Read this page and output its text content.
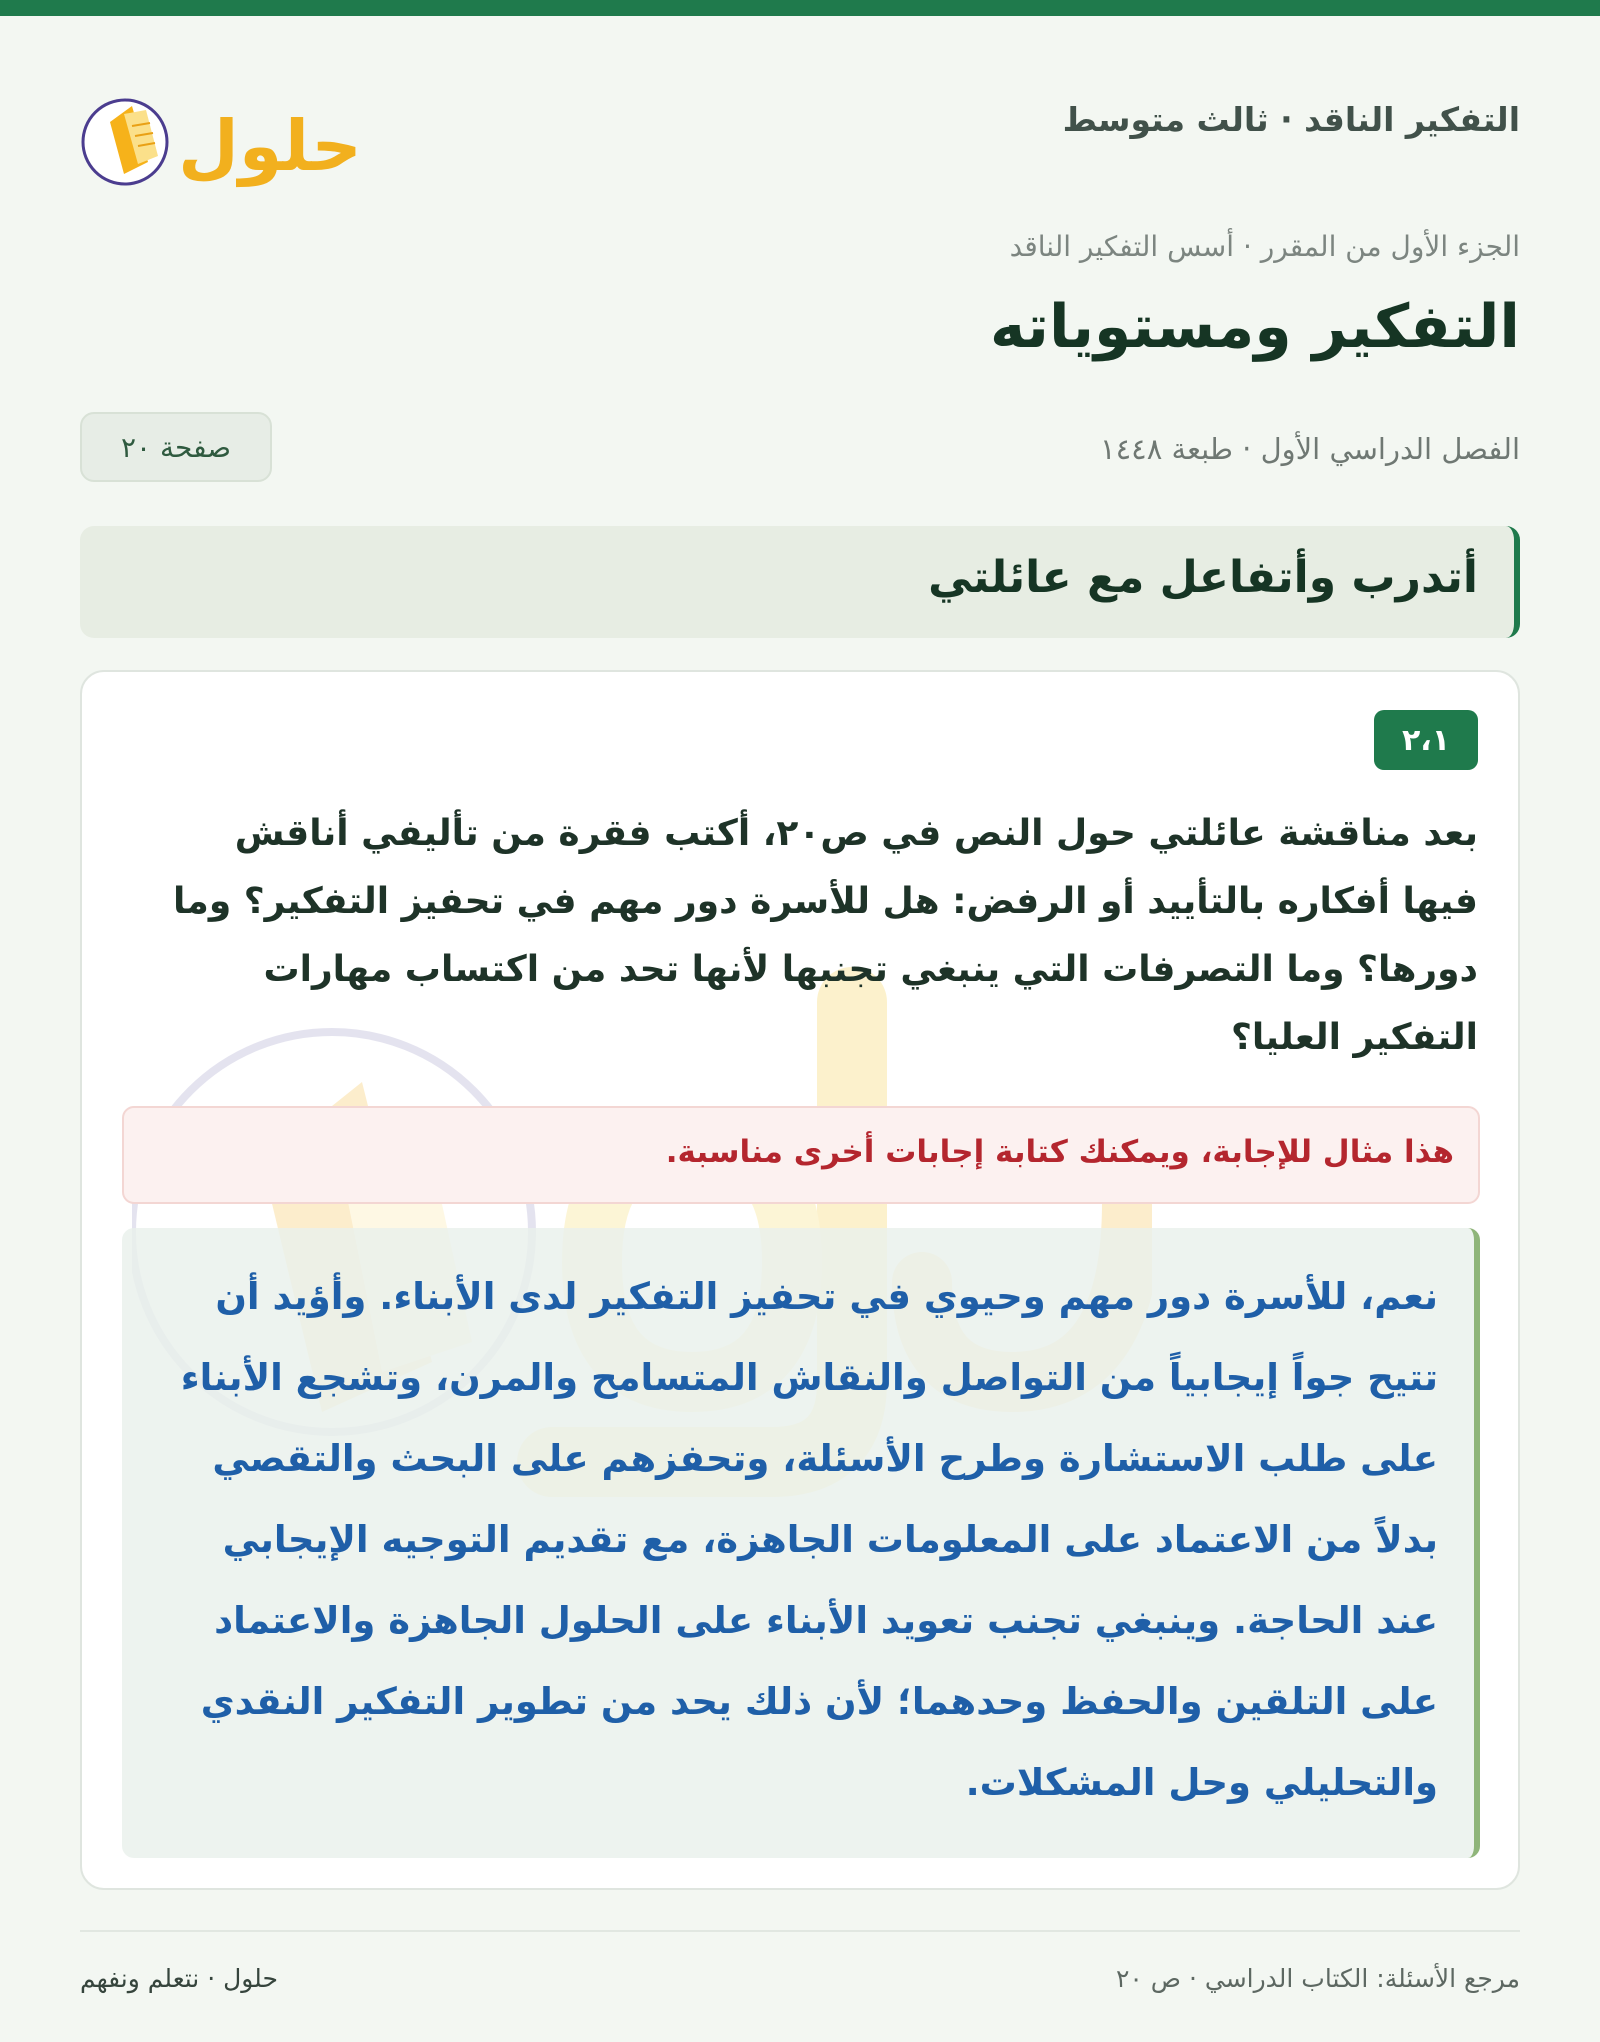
حلول	التفكير الناقد · ثالث متوسط
الجزء الأول من المقرر · أسس التفكير الناقد
التفكير ومستوياته
الفصل الدراسي الأول · طبعة ١٤٤٨
صفحة ٢٠
أتدرب وأتفاعل مع عائلتي
٢،١
بعد مناقشة عائلتي حول النص في ص٢٠، أكتب فقرة من تأليفي أناقش فيها أفكاره بالتأييد أو الرفض: هل للأسرة دور مهم في تحفيز التفكير؟ وما دورها؟ وما التصرفات التي ينبغي تجنبها لأنها تحد من اكتساب مهارات التفكير العليا؟
هذا مثال للإجابة، ويمكنك كتابة إجابات أخرى مناسبة.
نعم، للأسرة دور مهم وحيوي في تحفيز التفكير لدى الأبناء. وأؤيد أن تتيح جواً إيجابياً من التواصل والنقاش المتسامح والمرن، وتشجع الأبناء على طلب الاستشارة وطرح الأسئلة، وتحفزهم على البحث والتقصي بدلاً من الاعتماد على المعلومات الجاهزة، مع تقديم التوجيه الإيجابي عند الحاجة. وينبغي تجنب تعويد الأبناء على الحلول الجاهزة والاعتماد على التلقين والحفظ وحدهما؛ لأن ذلك يحد من تطوير التفكير النقدي والتحليلي وحل المشكلات.
مرجع الأسئلة: الكتاب الدراسي · ص ٢٠
حلول · نتعلم ونفهم
